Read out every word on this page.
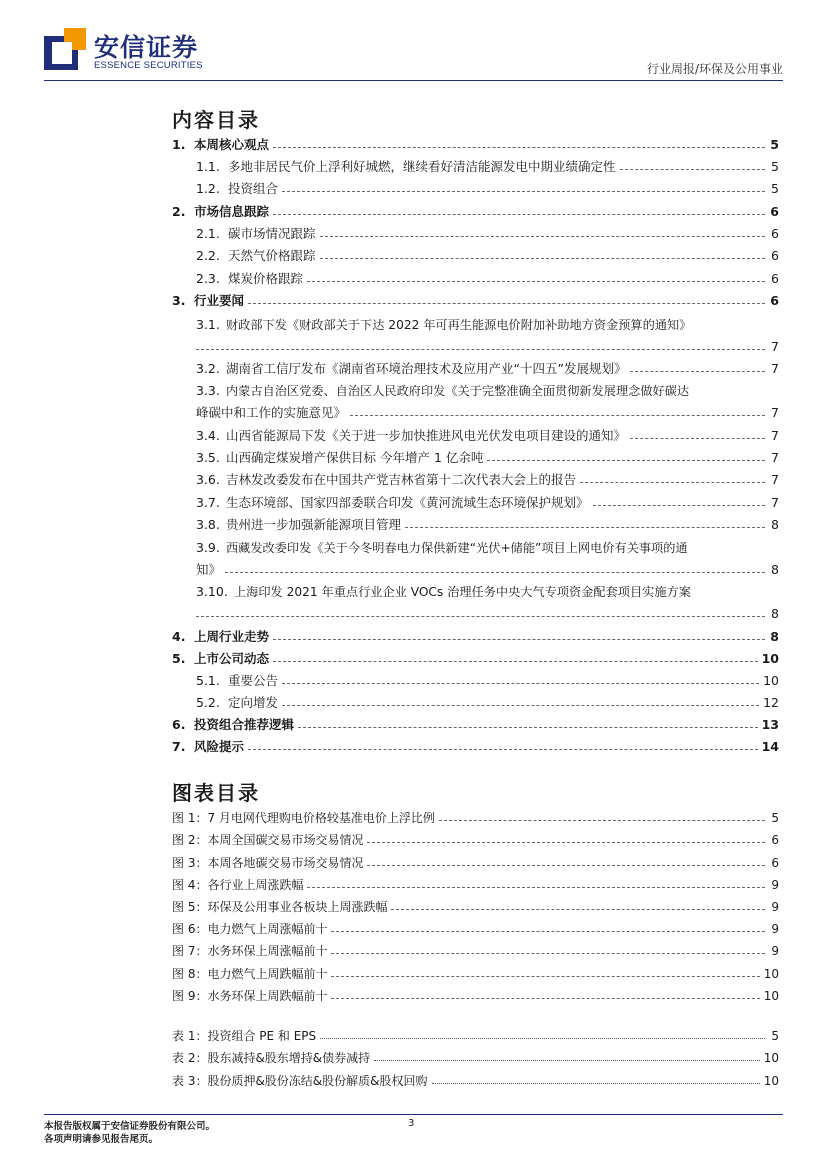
安信证券
ESSENCE SECURITIES	行业周报/环保及公用事业
内容目录
1. 本周核心观点	5
1.1. 多地非居民气价上浮利好城燃，继续看好清洁能源发电中期业绩确定性	5
1.2. 投资组合	5
2. 市场信息跟踪	6
2.1. 碳市场情况跟踪	6
2.2. 天然气价格跟踪	6
2.3. 煤炭价格跟踪	6
3. 行业要闻	6
3.1. 财政部下发《财政部关于下达 2022 年可再生能源电价附加补助地方资金预算的通知》
7
3.2. 湖南省工信厅发布《湖南省环境治理技术及应用产业“十四五”发展规划》	7
3.3. 内蒙古自治区党委、自治区人民政府印发《关于完整准确全面贯彻新发展理念做好碳达
峰碳中和工作的实施意见》	7
3.4. 山西省能源局下发《关于进一步加快推进风电光伏发电项目建设的通知》	7
3.5. 山西确定煤炭增产保供目标 今年增产 1 亿余吨	7
3.6. 吉林发改委发布在中国共产党吉林省第十二次代表大会上的报告	7
3.7. 生态环境部、国家四部委联合印发《黄河流域生态环境保护规划》	7
3.8. 贵州进一步加强新能源项目管理	8
3.9. 西藏发改委印发《关于今冬明春电力保供新建“光伏+储能”项目上网电价有关事项的通
知》	8
3.10. 上海印发 2021 年重点行业企业 VOCs 治理任务中央大气专项资金配套项目实施方案
8
4. 上周行业走势	8
5. 上市公司动态	10
5.1. 重要公告	10
5.2. 定向增发	12
6. 投资组合推荐逻辑	13
7. 风险提示	14
图表目录
图 1： 7 月电网代理购电价格较基准电价上浮比例	5
图 2： 本周全国碳交易市场交易情况	6
图 3： 本周各地碳交易市场交易情况	6
图 4： 各行业上周涨跌幅	9
图 5： 环保及公用事业各板块上周涨跌幅	9
图 6： 电力燃气上周涨幅前十	9
图 7： 水务环保上周涨幅前十	9
图 8： 电力燃气上周跌幅前十	10
图 9： 水务环保上周跌幅前十	10
表 1： 投资组合 PE 和 EPS	5
表 2： 股东减持&股东增持&债券减持	10
表 3： 股份质押&股份冻结&股份解质&股权回购	10
本报告版权属于安信证券股份有限公司。
各项声明请参见报告尾页。
3
